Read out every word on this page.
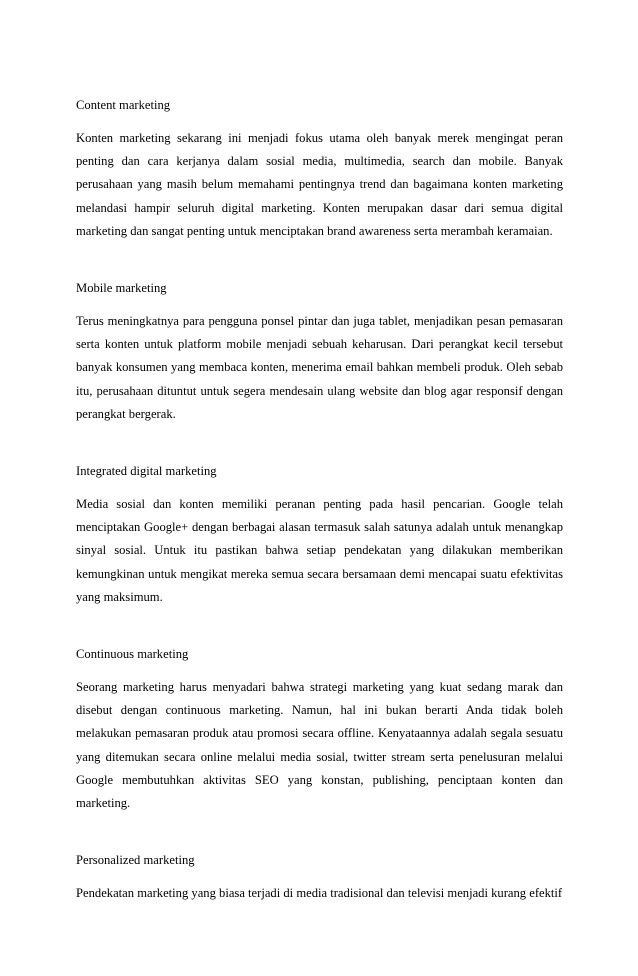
Content marketing

Konten marketing sekarang ini menjadi fokus utama oleh banyak merek mengingat peran penting dan cara kerjanya dalam sosial media, multimedia, search dan mobile. Banyak perusahaan yang masih belum memahami pentingnya trend dan bagaimana konten marketing melandasi hampir seluruh digital marketing. Konten merupakan dasar dari semua digital marketing dan sangat penting untuk menciptakan brand awareness serta merambah keramaian.

Mobile marketing

Terus meningkatnya para pengguna ponsel pintar dan juga tablet, menjadikan pesan pemasaran serta konten untuk platform mobile menjadi sebuah keharusan. Dari perangkat kecil tersebut banyak konsumen yang membaca konten, menerima email bahkan membeli produk. Oleh sebab itu, perusahaan dituntut untuk segera mendesain ulang website dan blog agar responsif dengan perangkat bergerak.

Integrated digital marketing

Media sosial dan konten memiliki peranan penting pada hasil pencarian. Google telah menciptakan Google+ dengan berbagai alasan termasuk salah satunya adalah untuk menangkap sinyal sosial. Untuk itu pastikan bahwa setiap pendekatan yang dilakukan memberikan kemungkinan untuk mengikat mereka semua secara bersamaan demi mencapai suatu efektivitas yang maksimum.

Continuous marketing

Seorang marketing harus menyadari bahwa strategi marketing yang kuat sedang marak dan disebut dengan continuous marketing. Namun, hal ini bukan berarti Anda tidak boleh melakukan pemasaran produk atau promosi secara offline. Kenyataannya adalah segala sesuatu yang ditemukan secara online melalui media sosial, twitter stream serta penelusuran melalui Google membutuhkan aktivitas SEO yang konstan, publishing, penciptaan konten dan marketing.

Personalized marketing

Pendekatan marketing yang biasa terjadi di media tradisional dan televisi menjadi kurang efektif
